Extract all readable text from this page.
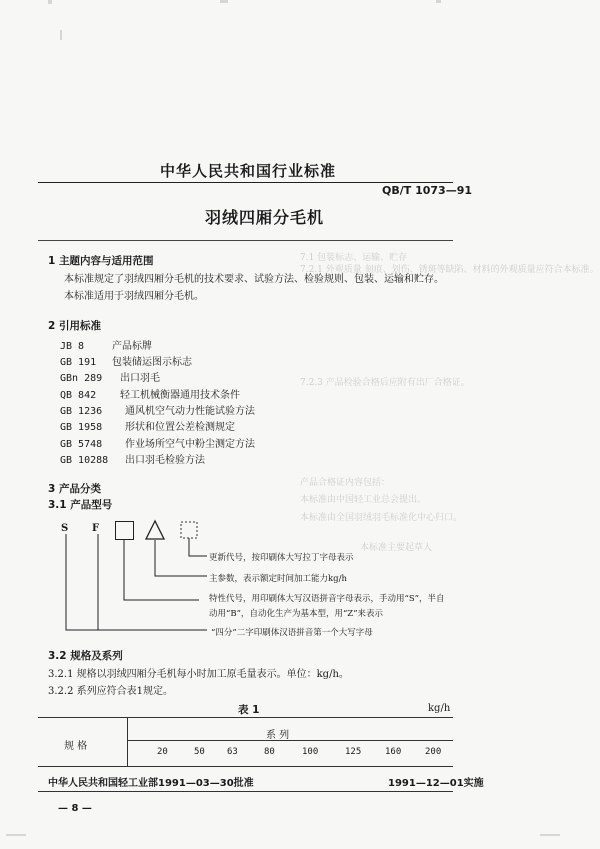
中华人民共和国行业标准
QB/T 1073—91
羽绒四厢分毛机
7.2.1 外观质量 刻痕、划伤、锈斑等缺陷、材料的外观质量应符合本标准。
7.1 包装标志、运输、贮存
7.2.3 产品检验合格后应附有出厂合格证。
产品合格证内容包括：
本标准由中国轻工业总会提出。
本标准由全国羽绒羽毛标准化中心归口。
本标准主要起草人
1 主题内容与适用范围
本标准规定了羽绒四厢分毛机的技术要求、试验方法、检验规则、包装、运输和贮存。
本标准适用于羽绒四厢分毛机。
2 引用标准
JB 8	产品标牌
GB 191 包装储运图示标志
GBn 289 出口羽毛
QB 842 轻工机械衡器通用技术条件
GB 1236 通风机空气动力性能试验方法
GB 1958 形状和位置公差检测规定
GB 5748 作业场所空气中粉尘测定方法
GB 10288 出口羽毛检验方法
3 产品分类
3.1 产品型号
S F
更新代号，按印刷体大写拉丁字母表示
主参数，表示额定时间加工能力kg/h
特性代号，用印刷体大写汉语拼音字母表示，手动用“S”，半自
动用“B”，自动化生产为基本型，用“Z”来表示
“四分”二字印刷体汉语拼音第一个大写字母
3.2 规格及系列
3.2.1 规格以羽绒四厢分毛机每小时加工原毛量表示。单位：kg/h。
3.2.2 系列应符合表1规定。
表 1	kg/h
系 列
规 格	20	50 63	80	100	125	160	200
中华人民共和国轻工业部1991—03—30批准	1991—12—01实施
— 8 —
